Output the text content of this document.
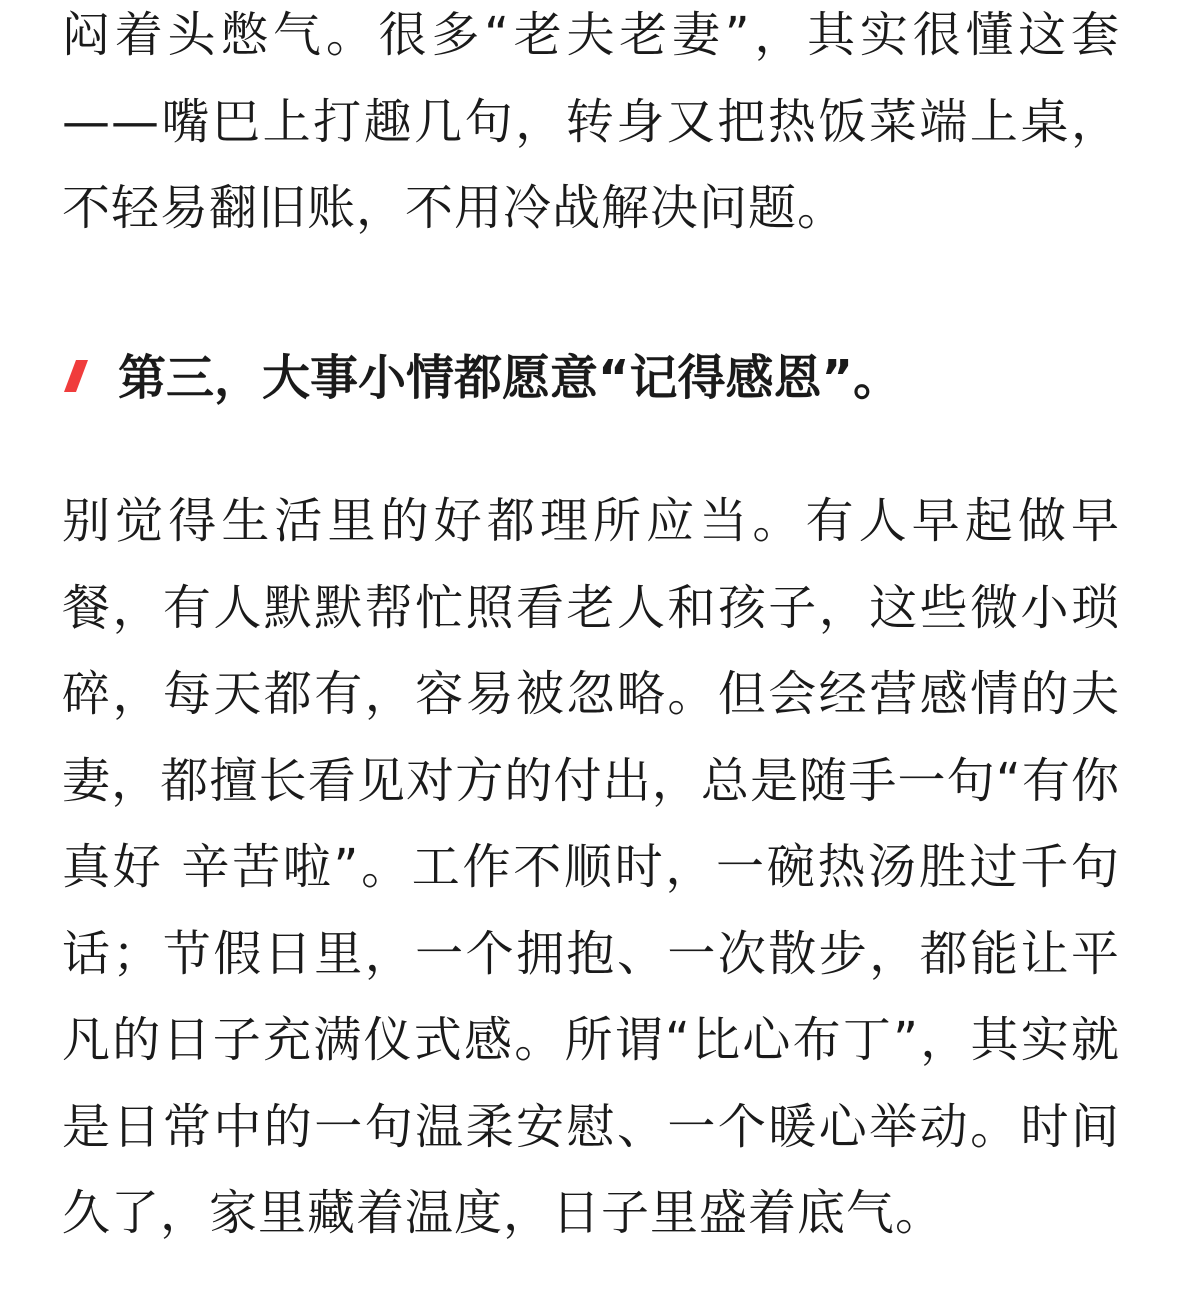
闷着头憋气。很多“老夫老妻”，其实很懂这套——嘴巴上打趣几句，转身又把热饭菜端上桌，不轻易翻旧账，不用冷战解决问题。

第三，大事小情都愿意“记得感恩”。

别觉得生活里的好都理所应当。有人早起做早餐，有人默默帮忙照看老人和孩子，这些微小琐碎，每天都有，容易被忽略。但会经营感情的夫妻，都擅长看见对方的付出，总是随手一句“有你真好 辛苦啦”。工作不顺时，一碗热汤胜过千句话；节假日里，一个拥抱、一次散步，都能让平凡的日子充满仪式感。所谓“比心布丁”，其实就是日常中的一句温柔安慰、一个暖心举动。时间久了，家里藏着温度，日子里盛着底气。
